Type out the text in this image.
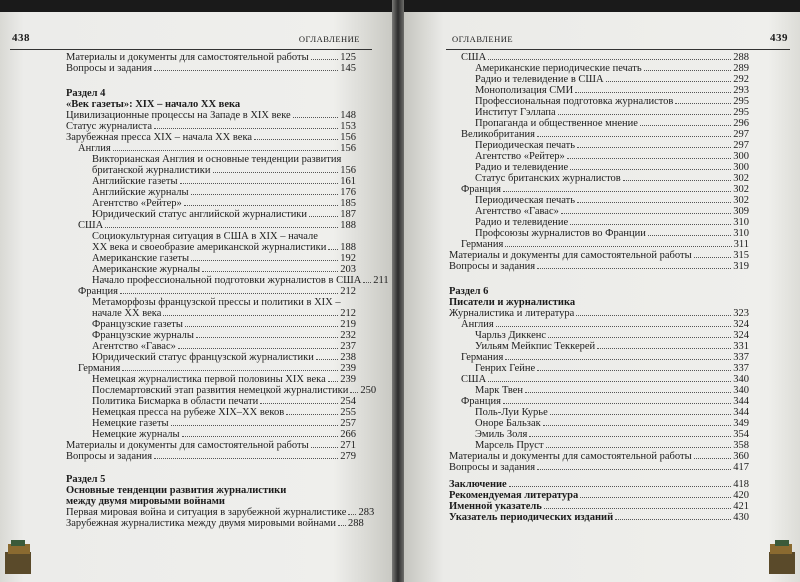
438	ОГЛАВЛЕНИЕ
Материалы и документы для самостоятельной работы	125
Вопросы и задания	145
Раздел 4
«Век газеты»: XIX – начало XX века
Цивилизационные процессы на Западе в XIX веке	148
Статус журналиста	153
Зарубежная пресса XIX – начала XX века	156
Англия	156
Викторианская Англия и основные тенденции развития
британской журналистики	156
Английские газеты	161
Английские журналы	176
Агентство «Рейтер»	185
Юридический статус английской журналистики	187
США	188
Социокультурная ситуация в США в XIX – начале
XX века и своеобразие американской журналистики 188
Американские газеты	192
Американские журналы	203
Начало профессиональной подготовки журналистов в США 211
Франция	212
Метаморфозы французской прессы и политики в XIX –
начале XX века	212
Французские газеты	219
Французские журналы	232
Агентство «Гавас»	237
Юридический статус французской журналистики	238
Германия	239
Немецкая журналистика первой половины XIX века 239
Послемартовский этап развития немецкой журналистики 250
Политика Бисмарка в области печати	254
Немецкая пресса на рубеже XIX–XX веков	255
Немецкие газеты	257
Немецкие журналы	266
Материалы и документы для самостоятельной работы	271
Вопросы и задания	279
Раздел 5
Основные тенденции развития журналистики
между двумя мировыми войнами
Первая мировая война и ситуация в зарубежной журналистике 283
Зарубежная журналистика между двумя мировыми войнами 288
ОГЛАВЛЕНИЕ	439
США	288
Американские периодические печать	289
Радио и телевидение в США	292
Монополизация СМИ	293
Профессиональная подготовка журналистов	295
Институт Гэллапа	295
Пропаганда и общественное мнение	296
Великобритания	297
Периодическая печать	297
Агентство «Рейтер»	300
Радио и телевидение	300
Статус британских журналистов	302
Франция	302
Периодическая печать	302
Агентство «Гавас»	309
Радио и телевидение	310
Профсоюзы журналистов во Франции	310
Германия	311
Материалы и документы для самостоятельной работы	315
Вопросы и задания	319
Раздел 6
Писатели и журналистика
Журналистика и литература	323
Англия	324
Чарльз Диккенс	324
Уильям Мейкпис Теккерей	331
Германия	337
Генрих Гейне	337
США	340
Марк Твен	340
Франция	344
Поль-Луи Курье	344
Оноре Бальзак	349
Эмиль Золя	354
Марсель Пруст	358
Материалы и документы для самостоятельной работы	360
Вопросы и задания	417
Заключение	418
Рекомендуемая литература	420
Именной указатель	421
Указатель периодических изданий	430
